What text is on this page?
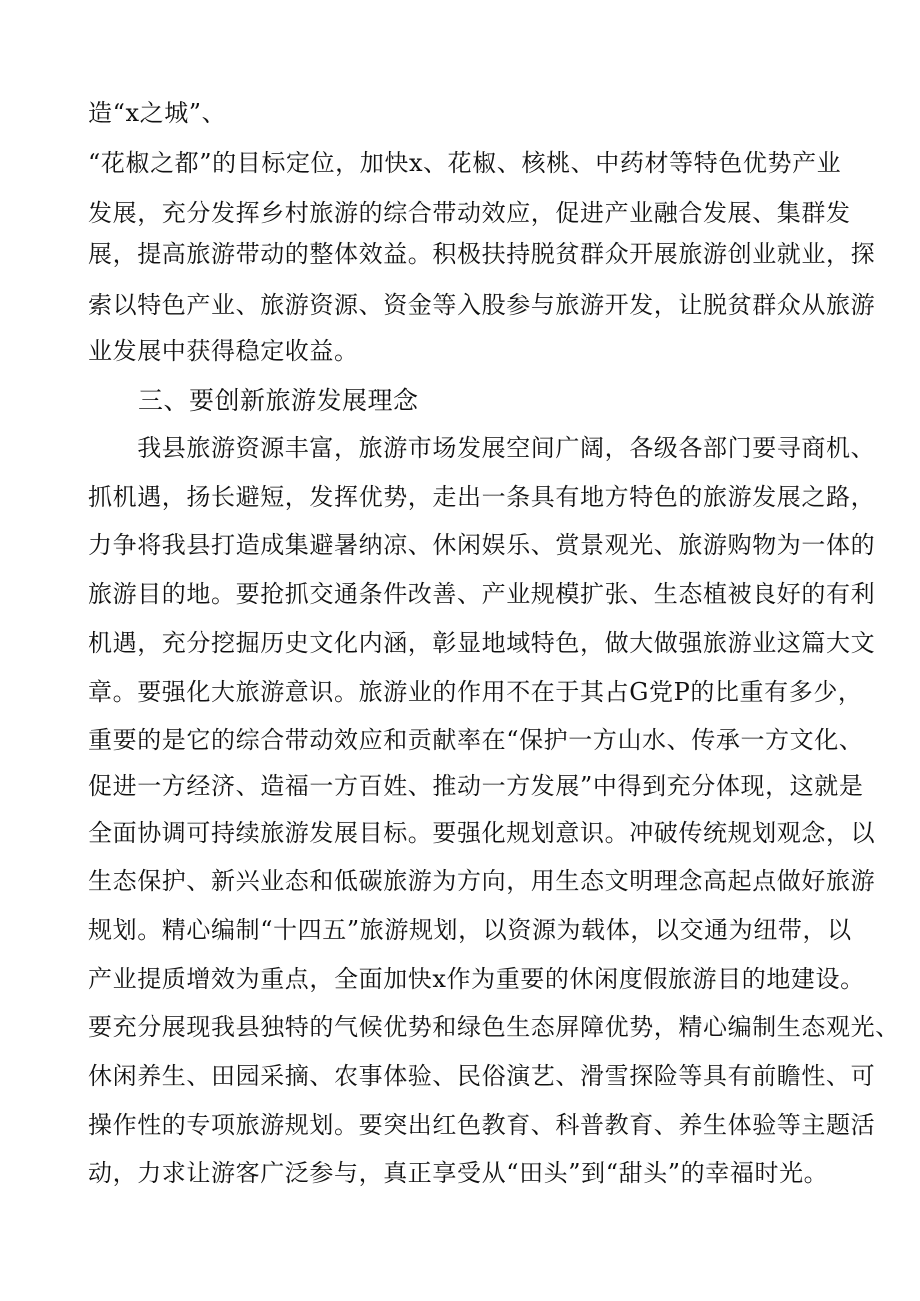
造“x之城”、
“花椒之都”的目标定位，加快x、花椒、核桃、中药材等特色优势产业
发展，充分发挥乡村旅游的综合带动效应，促进产业融合发展、集群发
展，提高旅游带动的整体效益。积极扶持脱贫群众开展旅游创业就业，探
索以特色产业、旅游资源、资金等入股参与旅游开发，让脱贫群众从旅游
业发展中获得稳定收益。
三、要创新旅游发展理念
　　我县旅游资源丰富，旅游市场发展空间广阔，各级各部门要寻商机、
抓机遇，扬长避短，发挥优势，走出一条具有地方特色的旅游发展之路，
力争将我县打造成集避暑纳凉、休闲娱乐、赏景观光、旅游购物为一体的
旅游目的地。要抢抓交通条件改善、产业规模扩张、生态植被良好的有利
机遇，充分挖掘历史文化内涵，彰显地域特色，做大做强旅游业这篇大文
章。要强化大旅游意识。旅游业的作用不在于其占G党P的比重有多少，
重要的是它的综合带动效应和贡献率在“保护一方山水、传承一方文化、
促进一方经济、造福一方百姓、推动一方发展”中得到充分体现，这就是
全面协调可持续旅游发展目标。要强化规划意识。冲破传统规划观念，以
生态保护、新兴业态和低碳旅游为方向，用生态文明理念高起点做好旅游
规划。精心编制“十四五”旅游规划，以资源为载体，以交通为纽带，以
产业提质增效为重点，全面加快x作为重要的休闲度假旅游目的地建设。
要充分展现我县独特的气候优势和绿色生态屏障优势，精心编制生态观光、
休闲养生、田园采摘、农事体验、民俗演艺、滑雪探险等具有前瞻性、可
操作性的专项旅游规划。要突出红色教育、科普教育、养生体验等主题活
动，力求让游客广泛参与，真正享受从“田头”到“甜头”的幸福时光。
